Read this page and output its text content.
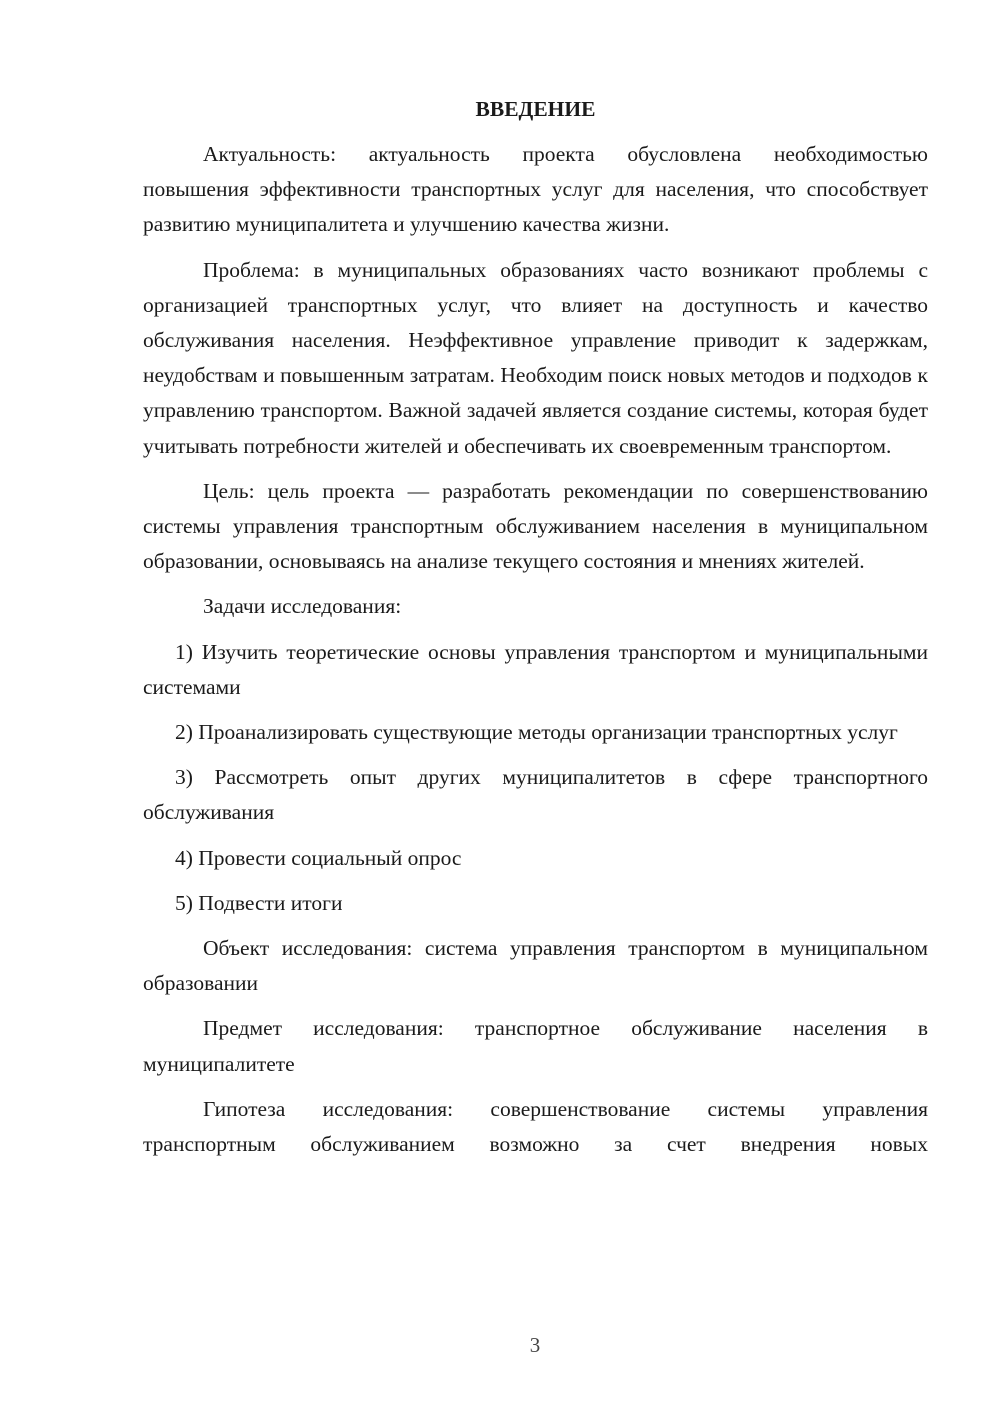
ВВЕДЕНИЕ

Актуальность: актуальность проекта обусловлена необходимостью повышения эффективности транспортных услуг для населения, что способствует развитию муниципалитета и улучшению качества жизни.

Проблема: в муниципальных образованиях часто возникают проблемы с организацией транспортных услуг, что влияет на доступность и качество обслуживания населения. Неэффективное управление приводит к задержкам, неудобствам и повышенным затратам. Необходим поиск новых методов и подходов к управлению транспортом. Важной задачей является создание системы, которая будет учитывать потребности жителей и обеспечивать их своевременным транспортом.

Цель: цель проекта — разработать рекомендации по совершенствованию системы управления транспортным обслуживанием населения в муниципальном образовании, основываясь на анализе текущего состояния и мнениях жителей.

Задачи исследования:

1) Изучить теоретические основы управления транспортом и муниципальными системами

2) Проанализировать существующие методы организации транспортных услуг

3) Рассмотреть опыт других муниципалитетов в сфере транспортного обслуживания

4) Провести социальный опрос

5) Подвести итоги

Объект исследования: система управления транспортом в муниципальном образовании

Предмет исследования: транспортное обслуживание населения в муниципалитете

Гипотеза исследования: совершенствование системы управления транспортным обслуживанием возможно за счет внедрения новых

3
